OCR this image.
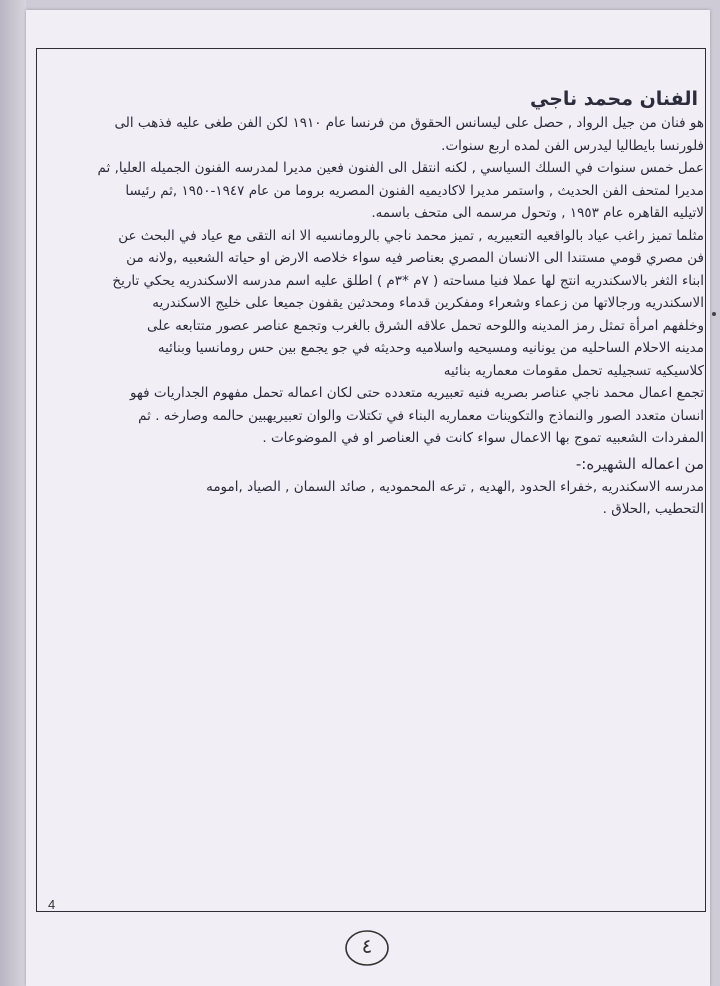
الفنان محمد ناجي
هو فنان من جيل الرواد , حصل على ليسانس الحقوق من فرنسا عام ١٩١٠ لكن الفن طغى عليه فذهب الى
فلورنسا بايطاليا ليدرس الفن لمده اربع سنوات.
عمل خمس سنوات في السلك السياسي , لكنه انتقل الى الفنون فعين مديرا لمدرسه الفنون الجميله العليا, ثم
مديرا لمتحف الفن الحديث , واستمر مديرا لاكاديميه الفنون المصريه بروما من عام ١٩٤٧-١٩٥٠ ,ثم رئيسا
لاتيليه القاهره عام ١٩٥٣ , وتحول مرسمه الى متحف باسمه.
مثلما تميز راغب عياد بالواقعيه التعبيريه , تميز محمد ناجي بالرومانسيه الا انه التقى مع عياد في البحث عن
فن مصري قومي مستندا الى الانسان المصري بعناصر فيه سواء خلاصه الارض او حياته الشعبيه ,ولانه من
ابناء الثغر بالاسكندريه انتج لها عملا فنيا مساحته ( ٧م *٣م ) اطلق عليه اسم مدرسه الاسكندريه يحكي تاريخ
الاسكندريه ورجالاتها من زعماء وشعراء ومفكرين قدماء ومحدثين يقفون جميعا على خليج الاسكندريه
وخلفهم امرأة تمثل رمز المدينه واللوحه تحمل علاقه الشرق بالغرب وتجمع عناصر عصور متتابعه على
مدينه الاحلام الساحليه من يونانيه ومسيحيه واسلاميه وحديثه في جو يجمع بين حس رومانسيا وبنائيه
كلاسيكيه تسجيليه تحمل مقومات معماريه بنائيه
تجمع اعمال محمد ناجي عناصر بصريه فنيه تعبيريه متعدده حتى لكان اعماله تحمل مفهوم الجداريات فهو
انسان متعدد الصور والنماذج والتكوينات معماريه البناء في تكتلات والوان تعبيريهبين حالمه وصارخه . ثم
المفردات الشعبيه تموج بها الاعمال سواء كانت في العناصر او في الموضوعات .
من اعماله الشهيره:-
مدرسه الاسكندريه ,خفراء الحدود ,الهديه , ترعه المحموديه , صائد السمان , الصياد ,امومه
التحطيب ,الحلاق .
4
٤
